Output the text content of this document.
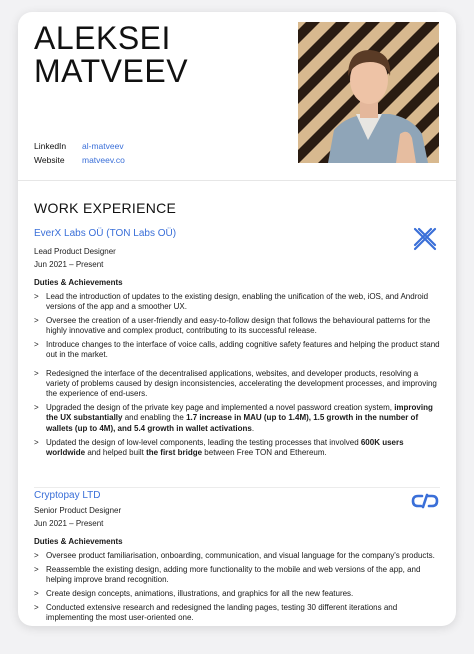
ALEKSEI
MATVEEV
LinkedIn	al-matveev
Website	matveev.co
WORK EXPERIENCE
EverX Labs OÜ (TON Labs OÜ)
Lead Product Designer
Jun 2021 – Present
Duties & Achievements
> Lead the introduction of updates to the existing design, enabling the unification of the web, iOS, and Android versions of the app and a smoother UX.
> Oversee the creation of a user-friendly and easy-to-follow design that follows the behavioural patterns for the highly innovative and complex product, contributing to its successful release.
> Introduce changes to the interface of voice calls, adding cognitive safety features and helping the product stand out in the market.
> Redesigned the interface of the decentralised applications, websites, and developer products, resolving a variety of problems caused by design inconsistencies, accelerating the development processes, and improving the experience of end-users.
> Upgraded the design of the private key page and implemented a novel password creation system, improving the UX substantially and enabling the 1.7 increase in MAU (up to 1.4M), 1.5 growth in the number of wallets (up to 4M), and 5.4 growth in wallet activations.
> Updated the design of low-level components, leading the testing processes that involved 600K users worldwide and helped built the first bridge between Free TON and Ethereum.
Cryptopay LTD
Senior Product Designer
Jun 2021 – Present
Duties & Achievements
> Oversee product familiarisation, onboarding, communication, and visual language for the company's products.
> Reassemble the existing design, adding more functionality to the mobile and web versions of the app, and helping improve brand recognition.
> Create design concepts, animations, illustrations, and graphics for all the new features.
> Conducted extensive research and redesigned the landing pages, testing 30 different iterations and implementing the most user-oriented one.
